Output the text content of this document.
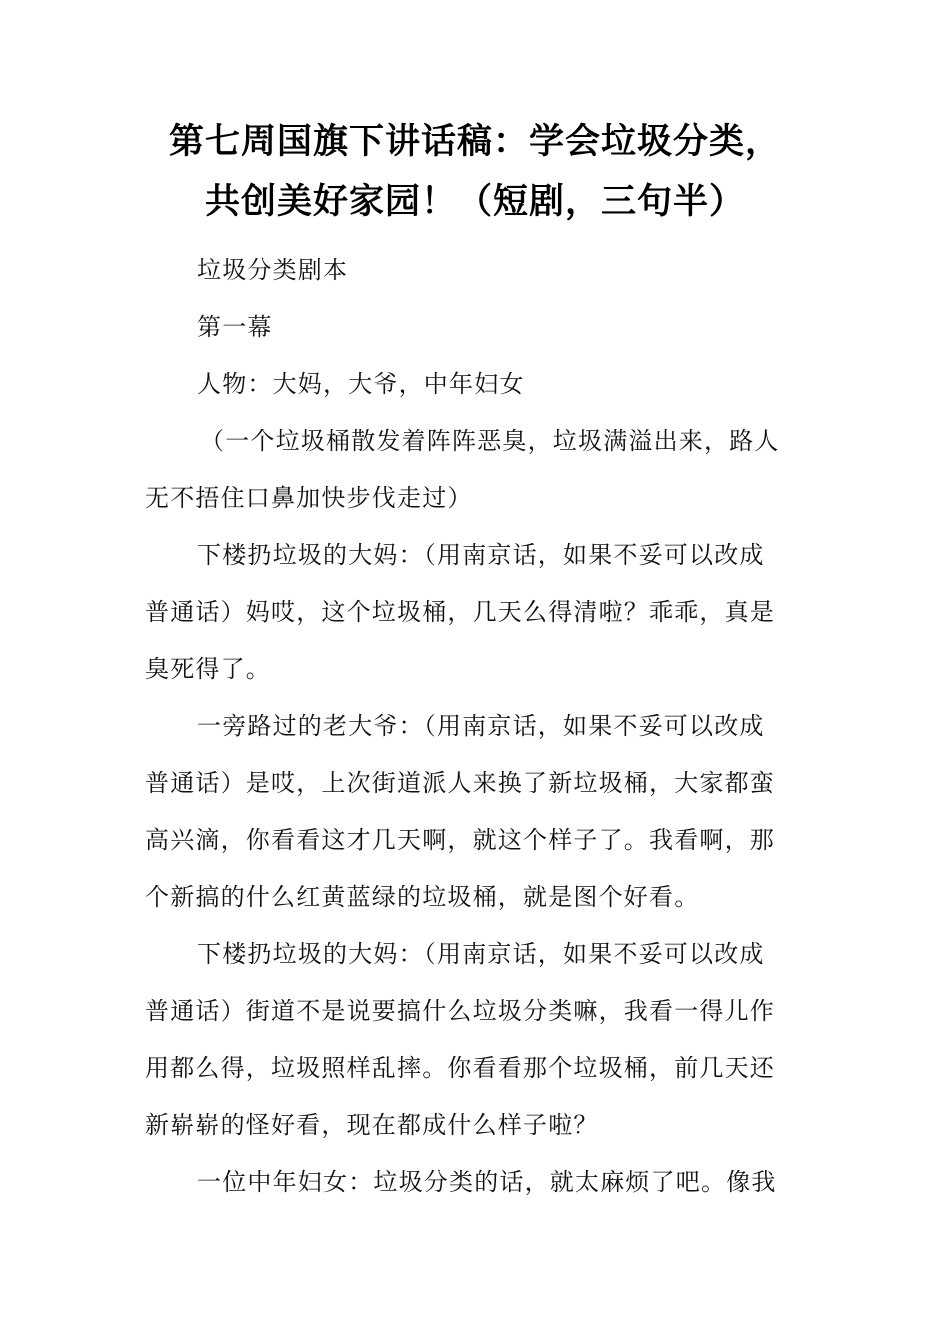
第七周国旗下讲话稿：学会垃圾分类，
共创美好家园！（短剧，三句半）
垃圾分类剧本
第一幕
人物：大妈，大爷，中年妇女
（一个垃圾桶散发着阵阵恶臭，垃圾满溢出来，路人
无不捂住口鼻加快步伐走过）
下楼扔垃圾的大妈：（用南京话，如果不妥可以改成
普通话）妈哎，这个垃圾桶，几天么得清啦？乖乖，真是
臭死得了。
一旁路过的老大爷：（用南京话，如果不妥可以改成
普通话）是哎，上次街道派人来换了新垃圾桶，大家都蛮
高兴滴，你看看这才几天啊，就这个样子了。我看啊，那
个新搞的什么红黄蓝绿的垃圾桶，就是图个好看。
下楼扔垃圾的大妈：（用南京话，如果不妥可以改成
普通话）街道不是说要搞什么垃圾分类嘛，我看一得儿作
用都么得，垃圾照样乱摔。你看看那个垃圾桶，前几天还
新崭崭的怪好看，现在都成什么样子啦？
一位中年妇女：垃圾分类的话，就太麻烦了吧。像我
